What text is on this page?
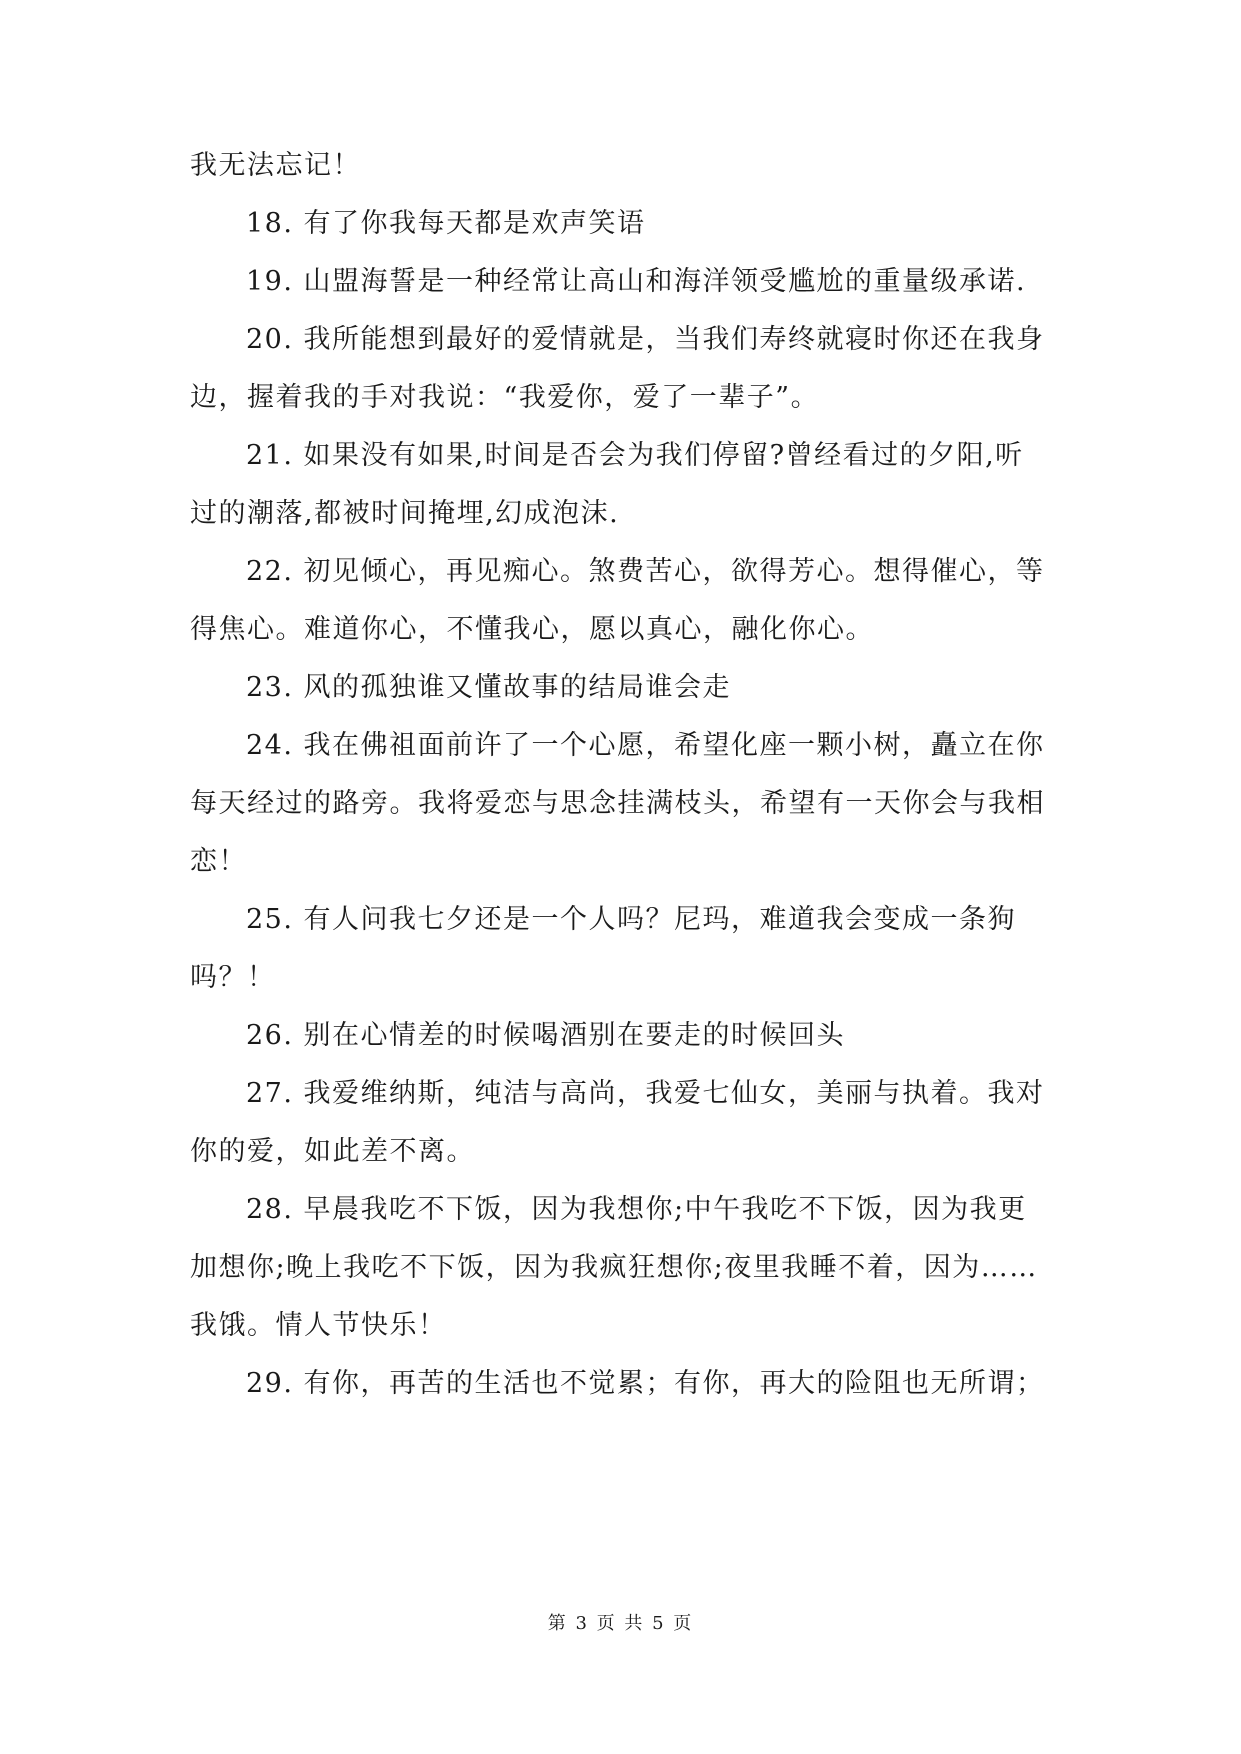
我无法忘记！
18. 有了你我每天都是欢声笑语
19. 山盟海誓是一种经常让高山和海洋领受尴尬的重量级承诺.
20. 我所能想到最好的爱情就是，当我们寿终就寝时你还在我身
边，握着我的手对我说：“我爱你，爱了一辈子”。
21. 如果没有如果,时间是否会为我们停留?曾经看过的夕阳,听
过的潮落,都被时间掩埋,幻成泡沫.
22. 初见倾心，再见痴心。煞费苦心，欲得芳心。想得催心，等
得焦心。难道你心，不懂我心，愿以真心，融化你心。
23. 风的孤独谁又懂故事的结局谁会走
24. 我在佛祖面前许了一个心愿，希望化座一颗小树，矗立在你
每天经过的路旁。我将爱恋与思念挂满枝头，希望有一天你会与我相
恋！
25. 有人问我七夕还是一个人吗？尼玛，难道我会变成一条狗
吗？！
26. 别在心情差的时候喝酒别在要走的时候回头
27. 我爱维纳斯，纯洁与高尚，我爱七仙女，美丽与执着。我对
你的爱，如此差不离。
28. 早晨我吃不下饭，因为我想你;中午我吃不下饭，因为我更
加想你;晚上我吃不下饭，因为我疯狂想你;夜里我睡不着，因为……
我饿。情人节快乐！
29. 有你，再苦的生活也不觉累；有你，再大的险阻也无所谓；
第 3 页 共 5 页
